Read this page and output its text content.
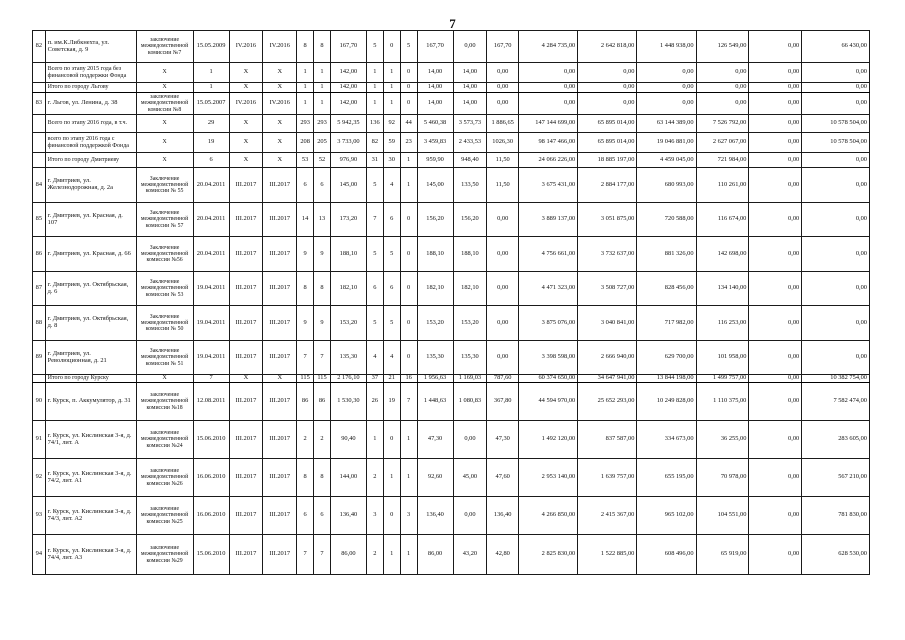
7
82	п. им.К.Либкнехта, ул. Советская, д. 9	заключение межведомственной комиссии №7	15.05.2009	IV.2016	IV.2016	8	8	167,70	5	0	5	167,70	0,00	167,70	4 284 735,00	2 642 818,00	1 448 938,00	126 549,00	0,00	66 430,00
	Всего по этапу 2015 года без финансовой поддержки Фонда	Х	1	Х	Х	1	1	142,00	1	1	0	14,00	14,00	0,00	0,00	0,00	0,00	0,00	0,00	0,00
	Итого по городу Льгову	Х	1	Х	Х	1	1	142,00	1	1	0	14,00	14,00	0,00	0,00	0,00	0,00	0,00	0,00	0,00
83	г. Льгов, ул. Ленина, д. 38	заключение межведомственной комиссии №8	15.05.2007	IV.2016	IV.2016	1	1	142,00	1	1	0	14,00	14,00	0,00	0,00	0,00	0,00	0,00	0,00	0,00
	Всего по этапу 2016 года, в т.ч.	Х	29	Х	Х	293	293	5 942,35	136	92	44	5 460,38	3 573,73	1 886,65	147 144 699,00	65 895 014,00	63 144 389,00	7 526 792,00	0,00	10 578 504,00
	всего по этапу 2016 года с финансовой поддержкой Фонда	Х	19	Х	Х	208	205	3 733,00	82	59	23	3 459,83	2 433,53	1026,30	98 147 466,00	65 895 014,00	19 046 881,00	2 627 067,00	0,00	10 578 504,00
	Итого по городу Дмитриеву	Х	6	Х	Х	53	52	976,90	31	30	1	959,90	948,40	11,50	24 066 226,00	18 885 197,00	4 459 045,00	721 984,00	0,00	0,00
84	г. Дмитриев, ул. Железнодорожная, д. 2а	Заключение межведомственной комиссии № 55	20.04.2011	III.2017	III.2017	6	6	145,00	5	4	1	145,00	133,50	11,50	3 675 431,00	2 884 177,00	680 993,00	110 261,00	0,00	0,00
85	г. Дмитриев, ул. Красная, д. 107	Заключение межведомственной комиссии № 57	20.04.2011	III.2017	III.2017	14	13	173,20	7	6	0	156,20	156,20	0,00	3 889 137,00	3 051 875,00	720 588,00	116 674,00	0,00	0,00
86	г. Дмитриев, ул. Красная, д. 66	Заключение межведомственной комиссии №56	20.04.2011	III.2017	III.2017	9	9	188,10	5	5	0	188,10	188,10	0,00	4 756 661,00	3 732 637,00	881 326,00	142 698,00	0,00	0,00
87	г. Дмитриев, ул. Октябрьская, д. 6	Заключение межведомственной комиссии № 53	19.04.2011	III.2017	III.2017	8	8	182,10	6	6	0	182,10	182,10	0,00	4 471 323,00	3 508 727,00	828 456,00	134 140,00	0,00	0,00
88	г. Дмитриев, ул. Октябрьская, д. 8	Заключение межведомственной комиссии № 50	19.04.2011	III.2017	III.2017	9	9	153,20	5	5	0	153,20	153,20	0,00	3 875 076,00	3 040 841,00	717 982,00	116 253,00	0,00	0,00
89	г. Дмитриев, ул. Революционная, д. 21	Заключение межведомственной комиссии № 51	19.04.2011	III.2017	III.2017	7	7	135,30	4	4	0	135,30	135,30	0,00	3 398 598,00	2 666 940,00	629 700,00	101 958,00	0,00	0,00
	Итого по городу Курску	Х	7	Х	Х	115	115	2 176,10	37	21	16	1 956,63	1 169,03	787,60	60 374 650,00	34 647 941,00	13 844 198,00	1 499 757,00	0,00	10 382 754,00
90	г. Курск, п. Аккумулятор, д. 31	заключение межведомственной комиссии №18	12.08.2011	III.2017	III.2017	86	86	1 530,30	26	19	7	1 448,63	1 080,83	367,80	44 594 970,00	25 652 293,00	10 249 828,00	1 110 375,00	0,00	7 582 474,00
91	г. Курск, ул. Кислинская 3-я, д. 74/1, лит. А	заключение межведомственной комиссии №24	15.06.2010	III.2017	III.2017	2	2	90,40	1	0	1	47,30	0,00	47,30	1 492 120,00	837 587,00	334 673,00	36 255,00	0,00	283 605,00
92	г. Курск, ул. Кислинская 3-я, д. 74/2, лит. А1	заключение межведомственной комиссии №26	16.06.2010	III.2017	III.2017	8	8	144,00	2	1	1	92,60	45,00	47,60	2 953 140,00	1 639 757,00	655 195,00	70 978,00	0,00	567 210,00
93	г. Курск, ул. Кислинская 3-я, д. 74/3, лит. А2	заключение межведомственной комиссии №25	16.06.2010	III.2017	III.2017	6	6	136,40	3	0	3	136,40	0,00	136,40	4 266 850,00	2 415 367,00	965 102,00	104 551,00	0,00	781 830,00
94	г. Курск, ул. Кислинская 3-я, д. 74/4, лит. А3	заключение межведомственной комиссии №29	15.06.2010	III.2017	III.2017	7	7	86,00	2	1	1	86,00	43,20	42,80	2 825 830,00	1 522 885,00	608 496,00	65 919,00	0,00	628 530,00
